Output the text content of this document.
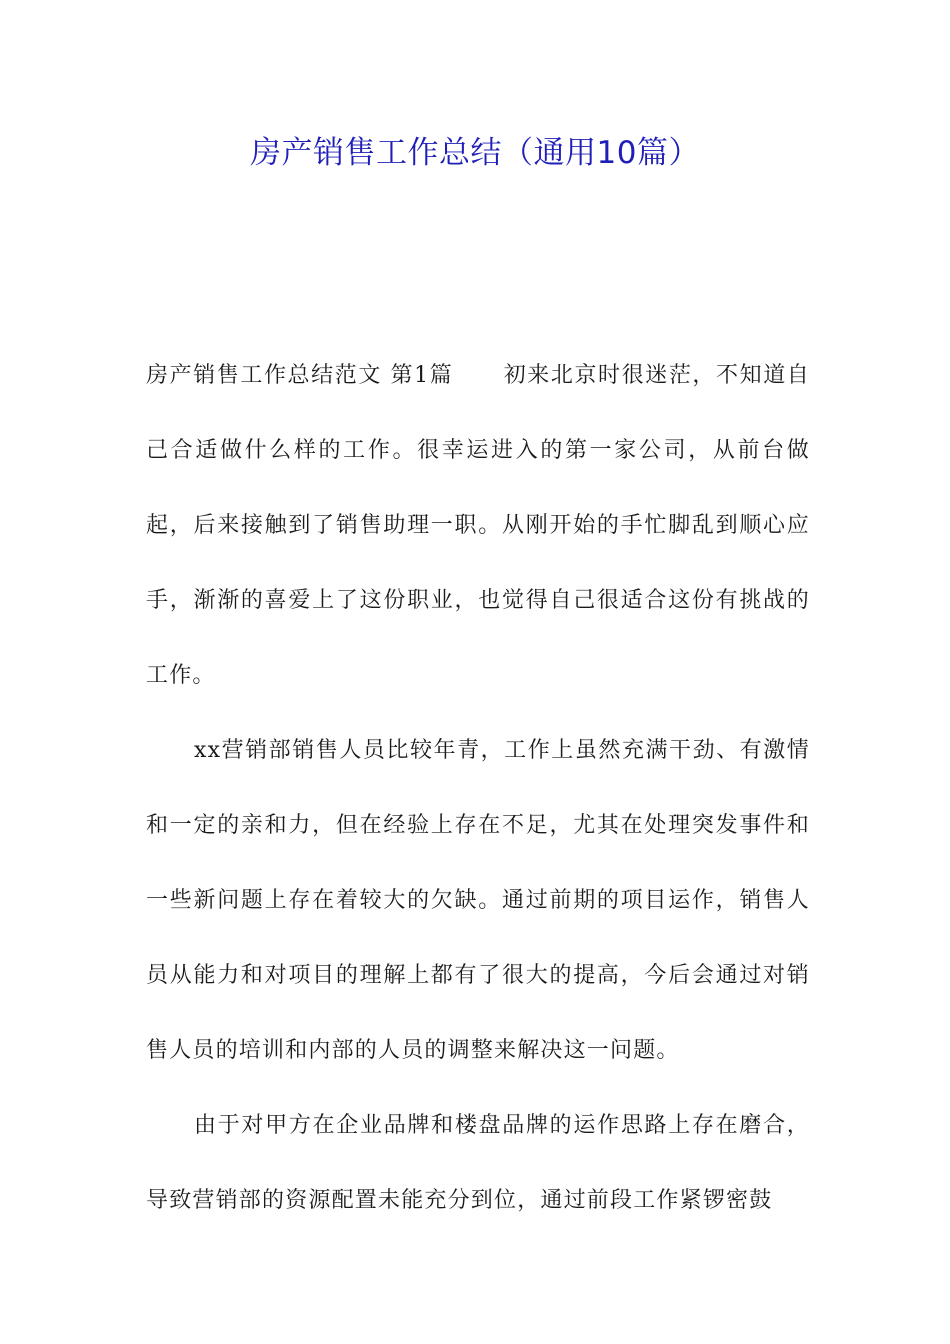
房产销售工作总结（通用10篇）

房产销售工作总结范文 第1篇 初来北京时很迷茫，不知道自己合适做什么样的工作。很幸运进入的第一家公司，从前台做起，后来接触到了销售助理一职。从刚开始的手忙脚乱到顺心应手，渐渐的喜爱上了这份职业，也觉得自己很适合这份有挑战的工作。

xx营销部销售人员比较年青，工作上虽然充满干劲、有激情和一定的亲和力，但在经验上存在不足，尤其在处理突发事件和一些新问题上存在着较大的欠缺。通过前期的项目运作，销售人员从能力和对项目的理解上都有了很大的提高，今后会通过对销售人员的培训和内部的人员的调整来解决这一问题。

由于对甲方在企业品牌和楼盘品牌的运作思路上存在磨合，导致营销部的资源配置未能充分到位，通过前段工作紧锣密鼓
